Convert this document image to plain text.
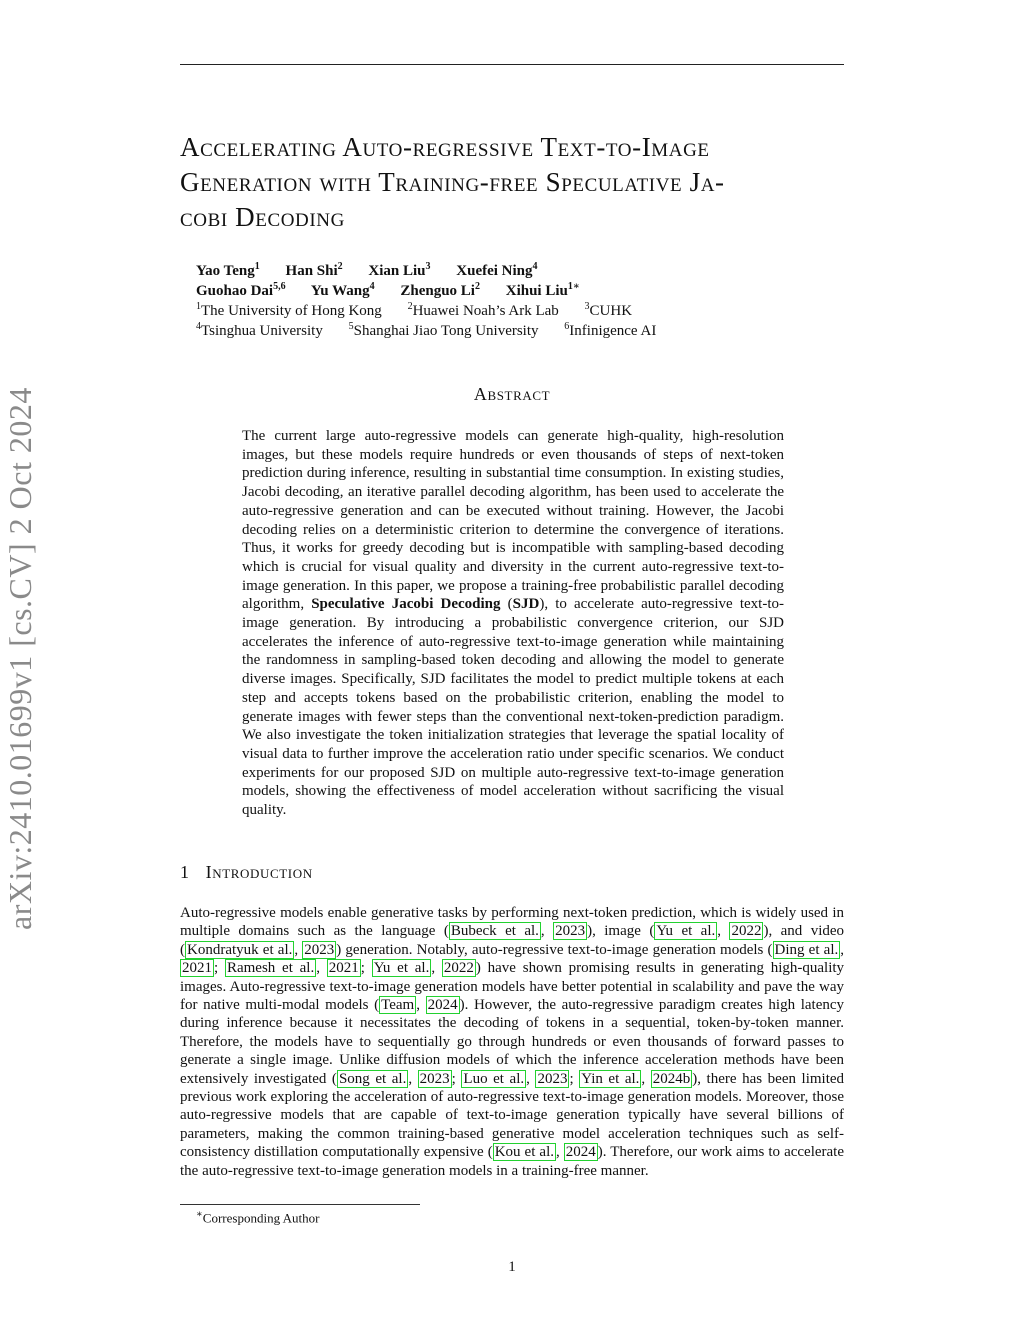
arXiv:2410.01699v1 [cs.CV] 2 Oct 2024
Accelerating Auto-regressive Text-to-Image
Generation with Training-free Speculative Ja-
cobi Decoding
Yao Teng$^1$ Han Shi$^2$ Xian Liu$^3$ Xuefei Ning$^4$
Guohao Dai$^{5,6}$ Yu Wang$^4$ Zhenguo Li$^2$ Xihui Liu$^{1∗}$
$^1$The University of Hong Kong	$^2$Huawei Noah’s Ark Lab	$^3$CUHK
$^4$Tsinghua University	$^5$Shanghai Jiao Tong University	$^6$Infinigence AI
Abstract

The current large auto-regressive models can generate high-quality, high-resolution images, but these models require hundreds or even thousands of steps of next-token prediction during inference, resulting in substantial time consumption. In existing studies, Jacobi decoding, an iterative parallel decoding algorithm, has been used to accelerate the auto-regressive generation and can be executed without training. However, the Jacobi decoding relies on a deterministic criterion to determine the convergence of iterations. Thus, it works for greedy decoding but is incompatible with sampling-based decoding which is crucial for visual quality and diversity in the current auto-regressive text-to-image generation. In this paper, we propose a training-free probabilistic parallel decoding algorithm, Speculative Jacobi Decoding (SJD), to accelerate auto-regressive text-to-image generation. By introducing a probabilistic convergence criterion, our SJD accelerates the inference of auto-regressive text-to-image generation while maintaining the randomness in sampling-based token decoding and allowing the model to generate diverse images. Specifically, SJD facilitates the model to predict multiple tokens at each step and accepts tokens based on the probabilistic criterion, enabling the model to generate images with fewer steps than the conventional next-token-prediction paradigm. We also investigate the token initialization strategies that leverage the spatial locality of visual data to further improve the acceleration ratio under specific scenarios. We conduct experiments for our proposed SJD on multiple auto-regressive text-to-image generation models, showing the effectiveness of model acceleration without sacrificing the visual quality.

1 Introduction

Auto-regressive models enable generative tasks by performing next-token prediction, which is widely used in multiple domains such as the language ( Bubeck et al. , 2023 ), image ( Yu et al. , 2022 ), and video ( Kondratyuk et al. , 2023 ) generation. Notably, auto-regressive text-to-image generation models ( Ding et al. , 2021 ; Ramesh et al. , 2021 ; Yu et al. , 2022 ) have shown promising results in generating high-quality images. Auto-regressive text-to-image generation models have better potential in scalability and pave the way for native multi-modal models ( Team , 2024 ). However, the auto-regressive paradigm creates high latency during inference because it necessitates the decoding of tokens in a sequential, token-by-token manner. Therefore, the models have to sequentially go through hundreds or even thousands of forward passes to generate a single image. Unlike diffusion models of which the inference acceleration methods have been extensively investigated ( Song et al. , 2023 ; Luo et al. , 2023 ; Yin et al. , 2024b ), there has been limited previous work exploring the acceleration of auto-regressive text-to-image generation models. Moreover, those auto-regressive models that are capable of text-to-image generation typically have several billions of parameters, making the common training-based generative model acceleration techniques such as self-consistency distillation computationally expensive ( Kou et al. , 2024 ). Therefore, our work aims to accelerate the auto-regressive text-to-image generation models in a training-free manner.

∗Corresponding Author
1
